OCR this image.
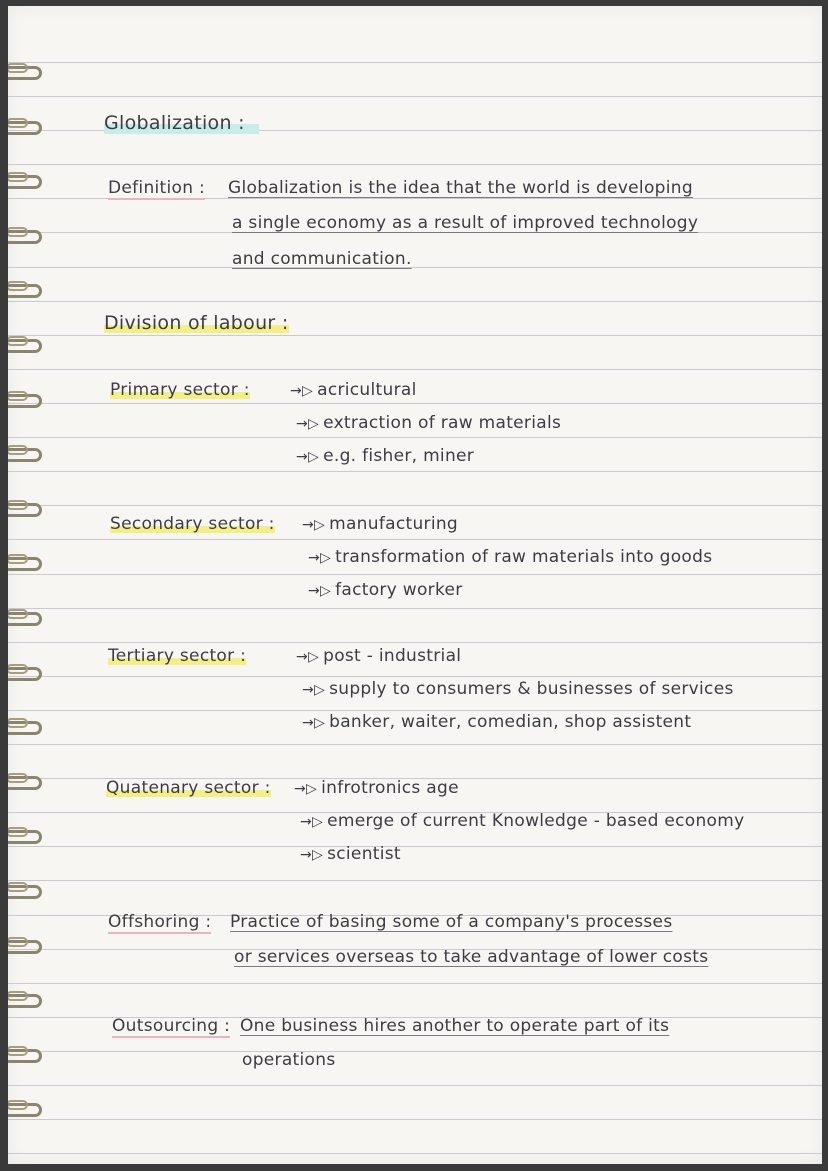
Globalization :
Definition : Globalization is the idea that the world is developing
a single economy as a result of improved technology
and communication.
Division of labour :
Primary sector :	→▷ acricultural
→▷ extraction of raw materials
→▷ e.g. fisher, miner
Secondary sector : →▷ manufacturing
→▷ transformation of raw materials into goods
→▷ factory worker
Tertiary sector :	→▷ post - industrial
→▷ supply to consumers & businesses of services
→▷ banker, waiter, comedian, shop assistent
Quatenary sector : →▷ infrotronics age
→▷ emerge of current Knowledge - based economy
→▷ scientist
Offshoring : Practice of basing some of a company's processes
or services overseas to take advantage of lower costs
Outsourcing : One business hires another to operate part of its
operations
